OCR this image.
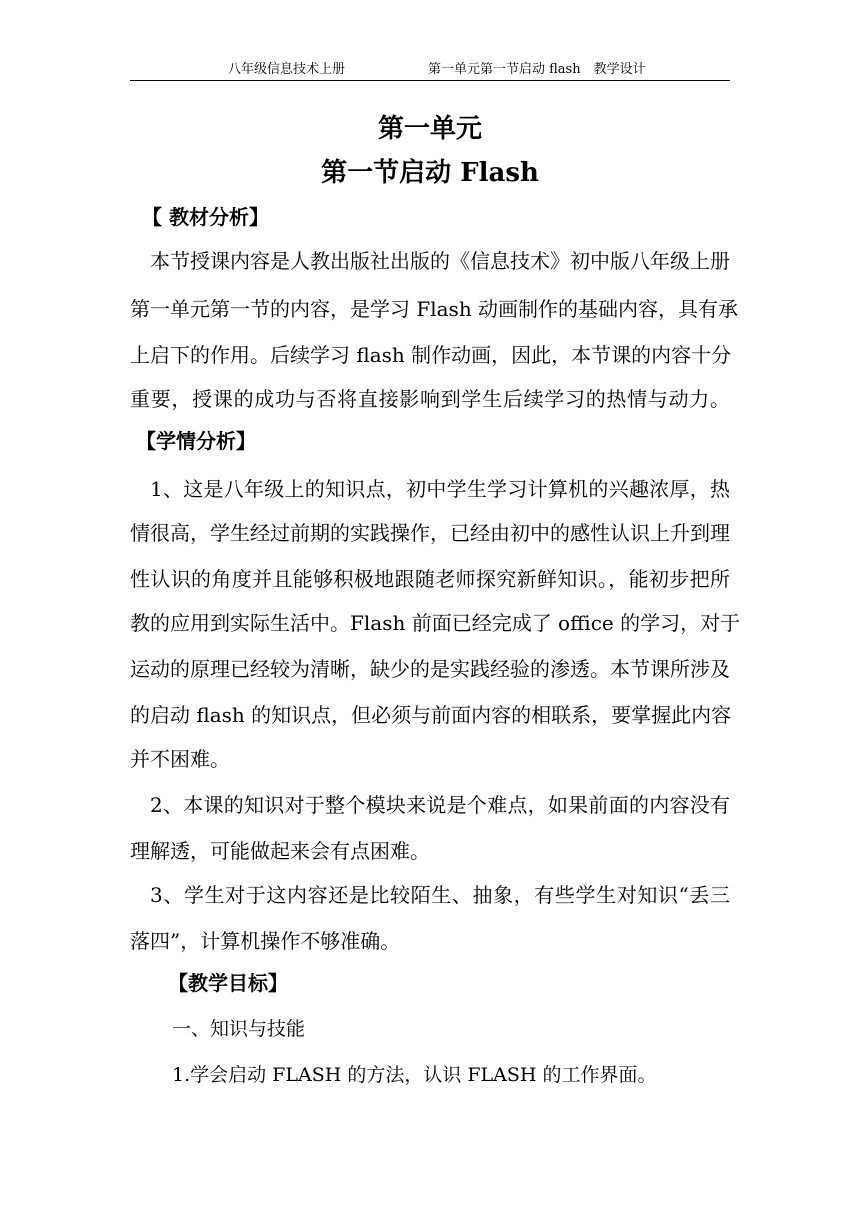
八年级信息技术上册	第一单元第一节启动 flash　教学设计
第一单元
第一节启动 Flash
【 教材分析】
本节授课内容是人教出版社出版的《信息技术》初中版八年级上册
第一单元第一节的内容，是学习 Flash 动画制作的基础内容，具有承
上启下的作用。后续学习 flash 制作动画，因此，本节课的内容十分
重要，授课的成功与否将直接影响到学生后续学习的热情与动力。
【学情分析】
1、这是八年级上的知识点，初中学生学习计算机的兴趣浓厚，热
情很高，学生经过前期的实践操作，已经由初中的感性认识上升到理
性认识的角度并且能够积极地跟随老师探究新鲜知识。，能初步把所
教的应用到实际生活中。Flash 前面已经完成了 office 的学习，对于
运动的原理已经较为清晰，缺少的是实践经验的渗透。本节课所涉及
的启动 flash 的知识点，但必须与前面内容的相联系，要掌握此内容
并不困难。
2、本课的知识对于整个模块来说是个难点，如果前面的内容没有
理解透，可能做起来会有点困难。
3、学生对于这内容还是比较陌生、抽象，有些学生对知识“丢三
落四”，计算机操作不够准确。
【教学目标】
一、知识与技能
1.学会启动 FLASH 的方法，认识 FLASH 的工作界面。
